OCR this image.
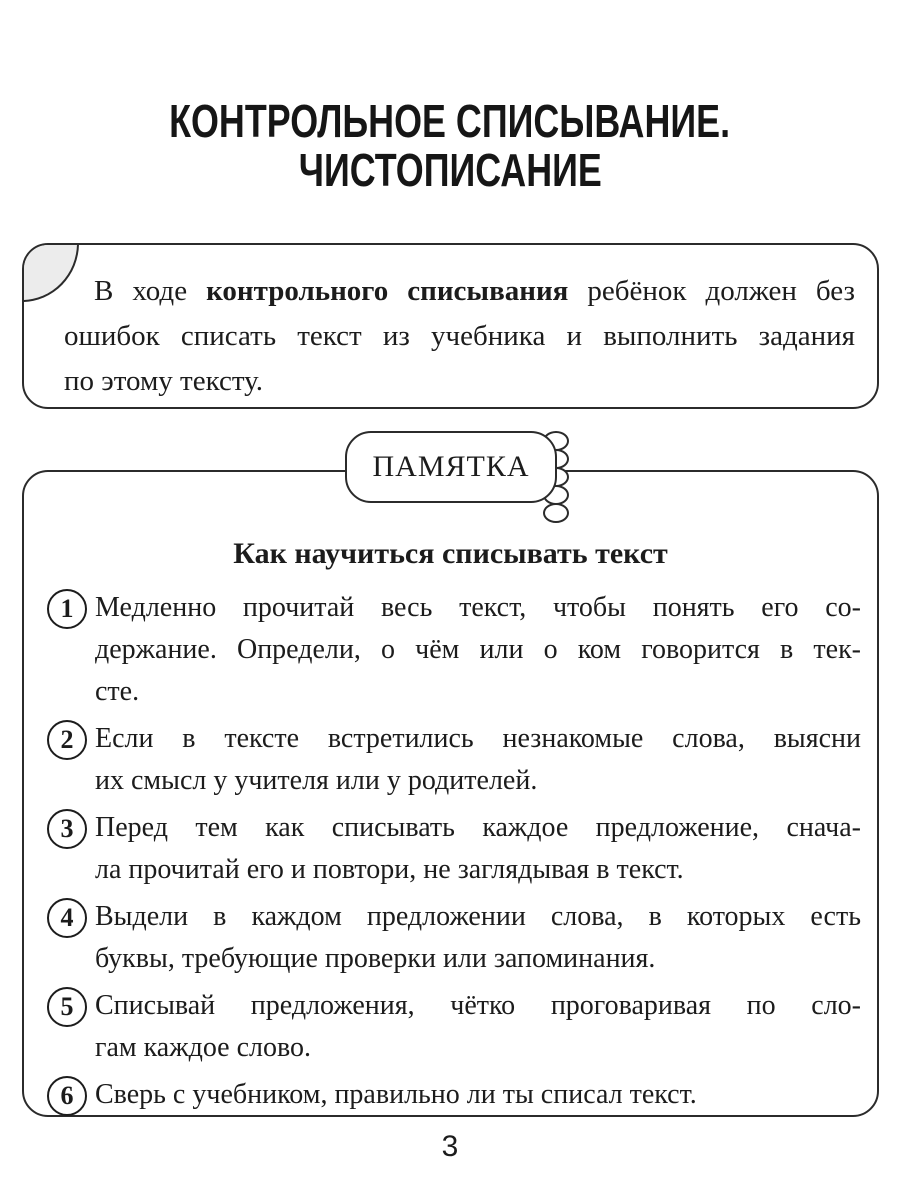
КОНТРОЛЬНОЕ СПИСЫВАНИЕ.
ЧИСТОПИСАНИЕ
В ходе контрольного списывания ребёнок должен без
ошибок списать текст из учебника и выполнить задания
по этому тексту.
ПАМЯТКА
Как научиться списывать текст
1 Медленно прочитай весь текст, чтобы понять его со-
держание. Определи, о чём или о ком говорится в тек-
сте.
2 Если в тексте встретились незнакомые слова, выясни
их смысл у учителя или у родителей.
3 Перед тем как списывать каждое предложение, снача-
ла прочитай его и повтори, не заглядывая в текст.
4 Выдели в каждом предложении слова, в которых есть
буквы, требующие проверки или запоминания.
5 Списывай предложения, чётко проговаривая по сло-
гам каждое слово.
6 Сверь с учебником, правильно ли ты списал текст.
3
